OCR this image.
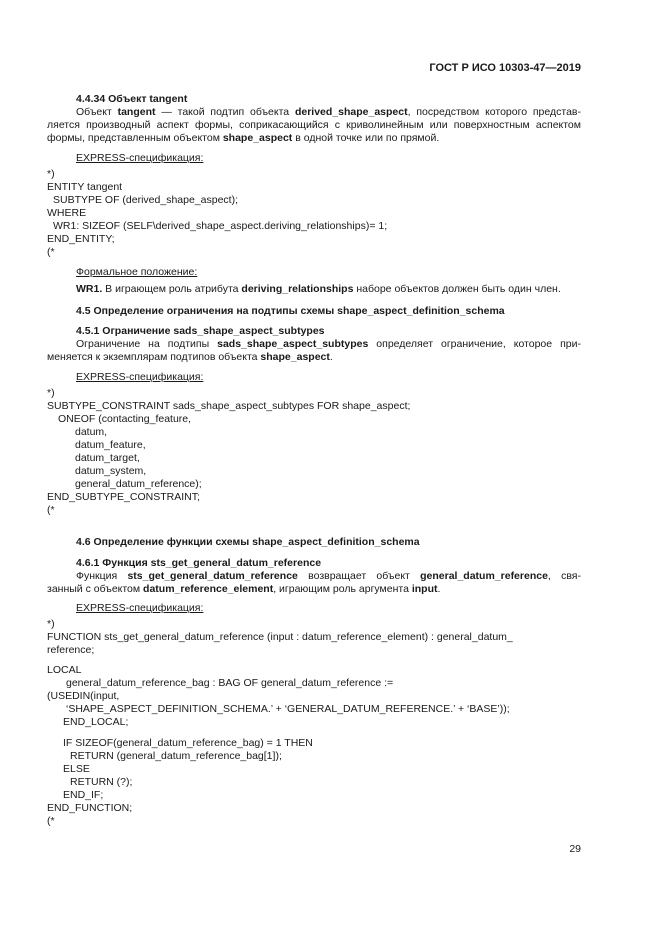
ГОСТ Р ИСО 10303-47—2019

4.4.34 Объект tangent

Объект tangent — такой подтип объекта derived_shape_aspect, посредством которого представ-

ляется производный аспект формы, соприкасающийся с криволинейным или поверхностным аспектом

формы, представленным объектом shape_aspect в одной точке или по прямой.

EXPRESS-спецификация:

*)

ENTITY tangent

SUBTYPE OF (derived_shape_aspect);

WHERE

WR1: SIZEOF (SELF\derived_shape_aspect.deriving_relationships)= 1;

END_ENTITY;

(*

Формальное положение:

WR1. В играющем роль атрибута deriving_relationships наборе объектов должен быть один член.

4.5 Определение ограничения на подтипы схемы shape_aspect_definition_schema

4.5.1 Ограничение sads_shape_aspect_subtypes

Ограничение на подтипы sads_shape_aspect_subtypes определяет ограничение, которое при-

меняется к экземплярам подтипов объекта shape_aspect.

EXPRESS-спецификация:

*)

SUBTYPE_CONSTRAINT sads_shape_aspect_subtypes FOR shape_aspect;

ONEOF (contacting_feature,

datum,

datum_feature,

datum_target,

datum_system,

general_datum_reference);

END_SUBTYPE_CONSTRAINT;

(*

4.6 Определение функции схемы shape_aspect_definition_schema

4.6.1 Функция sts_get_general_datum_reference

Функция sts_get_general_datum_reference возвращает объект general_datum_reference, свя-

занный с объектом datum_reference_element, играющим роль аргумента input.

EXPRESS-спецификация:

*)

FUNCTION sts_get_general_datum_reference (input : datum_reference_element) : general_datum_

reference;

LOCAL

general_datum_reference_bag : BAG OF general_datum_reference :=

(USEDIN(input,

‘SHAPE_ASPECT_DEFINITION_SCHEMA.’ + ‘GENERAL_DATUM_REFERENCE.’ + ‘BASE’));

END_LOCAL;

IF SIZEOF(general_datum_reference_bag) = 1 THEN

RETURN (general_datum_reference_bag[1]);

ELSE

RETURN (?);

END_IF;

END_FUNCTION;

(*

29
